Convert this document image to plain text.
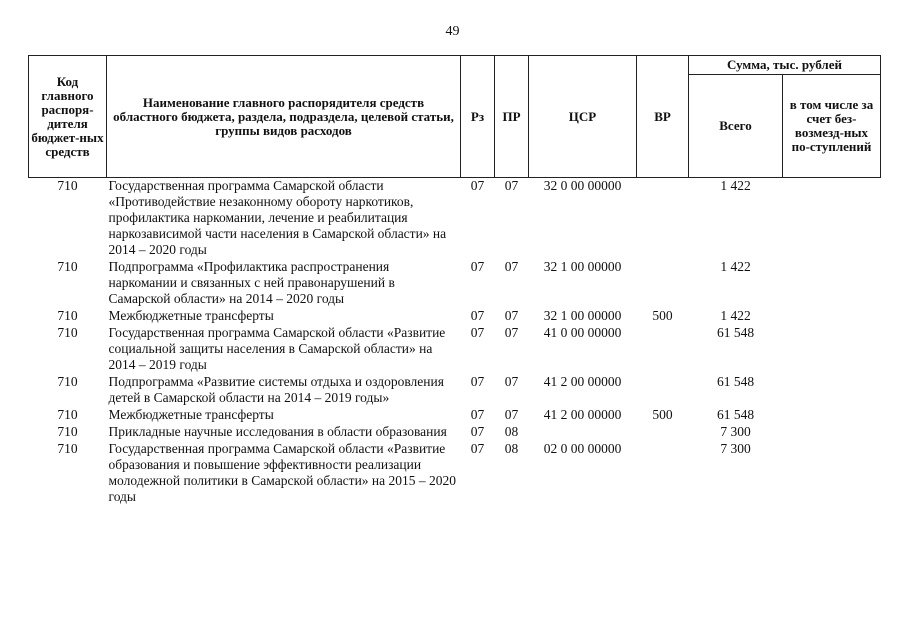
49
Код главного распоря-дителя бюджет-ных средств	Наименование главного распорядителя средств областного бюджета, раздела, подраздела, целевой статьи, группы видов расходов	Рз	ПР	ЦСР	ВР	Сумма, тыс. рублей	
						Всего	в том числе за счет без-возмезд-ных по-ступлений
710	Государственная программа Самарской области «Противодействие незаконному обороту наркотиков, профилактика наркомании, лечение и реабилитация наркозависимой части населения в Самарской области» на 2014 – 2020 годы	07	07	32 0 00 00000		1 422	
710	Подпрограмма «Профилактика распространения наркомании и связанных с ней правонарушений в Самарской области» на 2014 – 2020 годы	07	07	32 1 00 00000		1 422	
710	Межбюджетные трансферты	07	07	32 1 00 00000	500	1 422	
710	Государственная программа Самарской области «Развитие социальной защиты населения в Самарской области» на 2014 – 2019 годы	07	07	41 0 00 00000		61 548	
710	Подпрограмма «Развитие системы отдыха и оздоровления детей в Самарской области на 2014 – 2019 годы»	07	07	41 2 00 00000		61 548	
710	Межбюджетные трансферты	07	07	41 2 00 00000	500	61 548	
710	Прикладные научные исследования в области образования	07	08			7 300	
710	Государственная программа Самарской области «Развитие образования и повышение эффективности реализации молодежной политики в Самарской области» на 2015 – 2020 годы	07	08	02 0 00 00000		7 300	
